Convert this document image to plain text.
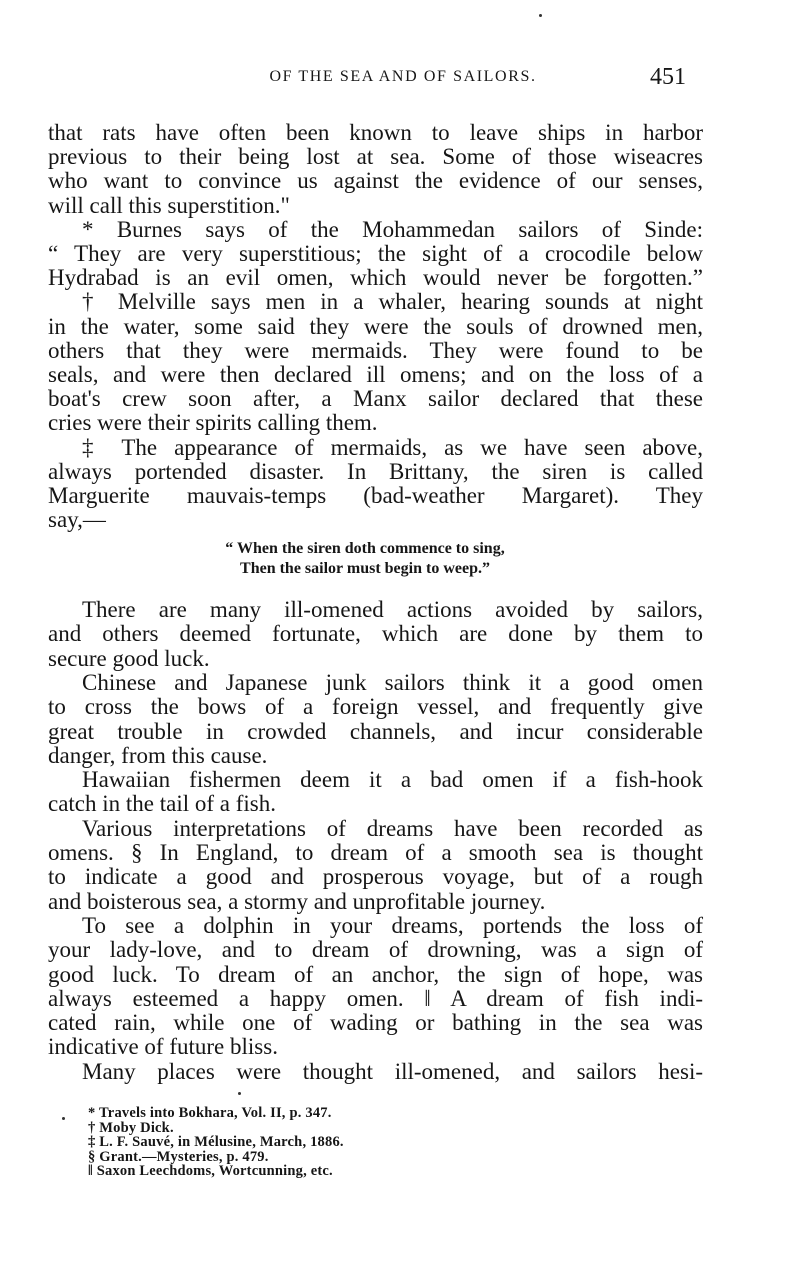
OF THE SEA AND OF SAILORS.	451
that rats have often been known to leave ships in harbor
previous to their being lost at sea. Some of those wiseacres
who want to convince us against the evidence of our senses,
will call this superstition."
* Burnes says of the Mohammedan sailors of Sinde:
“ They are very superstitious; the sight of a crocodile below
Hydrabad is an evil omen, which would never be forgotten.”
† Melville says men in a whaler, hearing sounds at night
in the water, some said they were the souls of drowned men,
others that they were mermaids. They were found to be
seals, and were then declared ill omens; and on the loss of a
boat's crew soon after, a Manx sailor declared that these
cries were their spirits calling them.
‡ The appearance of mermaids, as we have seen above,
always portended disaster. In Brittany, the siren is called
Marguerite mauvais-temps (bad-weather Margaret). They
say,—
“ When the siren doth commence to sing,
Then the sailor must begin to weep.”
There are many ill-omened actions avoided by sailors,
and others deemed fortunate, which are done by them to
secure good luck.
Chinese and Japanese junk sailors think it a good omen
to cross the bows of a foreign vessel, and frequently give
great trouble in crowded channels, and incur considerable
danger, from this cause.
Hawaiian fishermen deem it a bad omen if a fish-hook
catch in the tail of a fish.
Various interpretations of dreams have been recorded as
omens. § In England, to dream of a smooth sea is thought
to indicate a good and prosperous voyage, but of a rough
and boisterous sea, a stormy and unprofitable journey.
To see a dolphin in your dreams, portends the loss of
your lady-love, and to dream of drowning, was a sign of
good luck. To dream of an anchor, the sign of hope, was
always esteemed a happy omen. ‖ A dream of fish indi-
cated rain, while one of wading or bathing in the sea was
indicative of future bliss.
Many places were thought ill-omened, and sailors hesi-
* Travels into Bokhara, Vol. II, p. 347.
† Moby Dick.
‡ L. F. Sauvé, in Mélusine, March, 1886.
§ Grant.—Mysteries, p. 479.
‖ Saxon Leechdoms, Wortcunning, etc.
